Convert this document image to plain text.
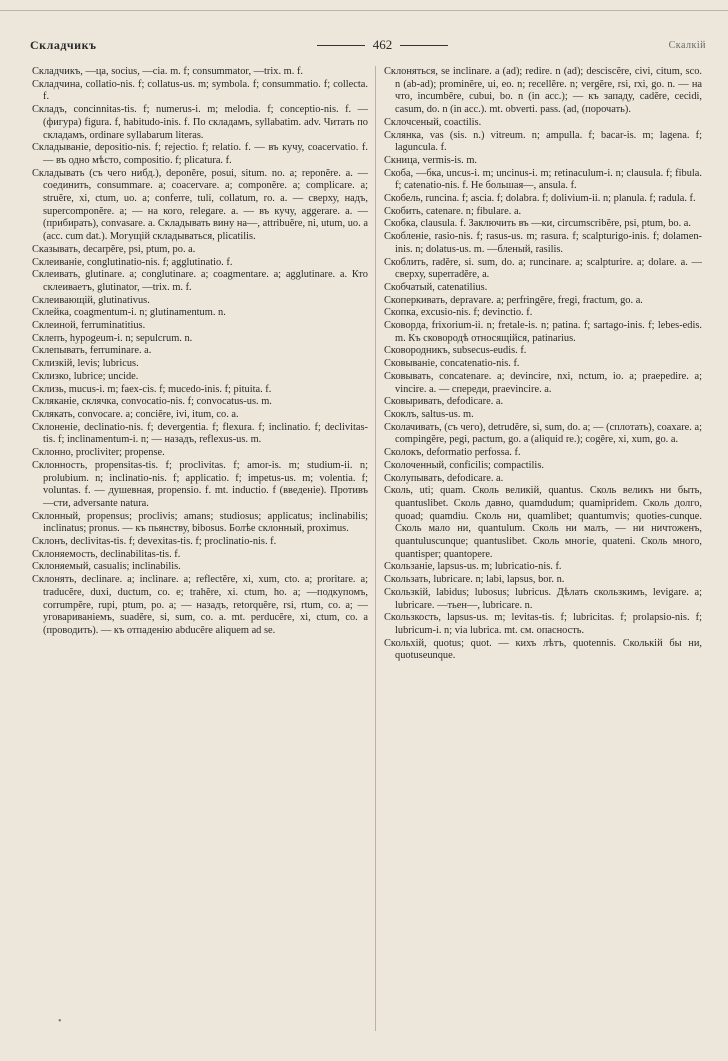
Складчикъ	462	Скалкій

Складчикъ, —ца, socius, —cia. m. f; consummator, —trix. m. f.

Складчина, collatio-nis. f; collatus-us. m; symbola. f; consummatio. f; collecta. f.

Складъ, concinnitas-tis. f; numerus-i. m; melodia. f; conceptio-nis. f. — (фигура) figura. f, habitudo-inis. f. По складамъ, syllabatim. adv. Читать по складамъ, ordinare syllabarum literas.

Складываніе, depositio-nis. f; rejectio. f; relatio. f. — въ кучу, coacervatio. f. — въ одно мѣсто, compositio. f; plicatura. f.

Складывать (съ чего нибд.), deponĕre, posui, situm. no. a; reponĕre. a. — соединить, consummare. a; coacervare. a; componĕre. a; complicare. a; struĕre, xi, ctum, uo. a; conferre, tuli, collatum, ro. a. — сверху, надъ, superсomponĕre. a; — на кого, relegare. a. — въ кучу, aggerare. a. — (прибирать), convasare. a. Складывать вину на—, attribuĕre, ni, utum, uo. a (acc. cum dat.). Могущій складываться, plicatilis.

Сказывать, decarpĕre, psi, ptum, po. a.

Склеиваніе, conglutinatio-nis. f; agglutinatio. f.

Склеивать, glutinare. a; conglutinare. a; coagmentare. a; agglutinare. a. Кто склеиваетъ, glutinator, —trix. m. f.

Склеивающій, glutinativus.

Склейка, coagmentum-i. n; glutinamentum. n.

Склеиной, ferruminatitius.

Склепъ, hypogeum-i. n; sepulcrum. n.

Склепывать, ferruminare. a.

Склизкій, levis; lubricus.

Склизко, lubrice; uncide.

Склизь, mucus-i. m; faex-cis. f; mucedo-inis. f; pituita. f.

Скляканіе, склячка, convocatio-nis. f; convocatus-us. m.

Склякать, convocare. a; conciĕre, ivi, itum, co. a.

Склоненіе, declinatio-nis. f; devergentia. f; flexura. f; inclinatio. f; declivitas-tis. f; inclinamentum-i. n; — назадъ, reflexus-us. m.

Склонно, procliviter; propense.

Склонность, propensitas-tis. f; proclivitas. f; amor-is. m; studium-ii. n; prolubium. n; inclinatio-nis. f; applicatio. f; impetus-us. m; volentia. f; voluntas. f. — душевная, propensio. f. mt. inductio. f (введеніе). Противъ —сти, adversante natura.

Склонный, propensus; proclivis; amans; studiosus; applicatus; inclinabilis; inclinatus; pronus. — къ пьянству, bibosus. Болѣе склонный, proximus.

Склонъ, declivitas-tis. f; devexitas-tis. f; proclinatio-nis. f.

Склоняемость, declinabilitas-tis. f.

Склоняемый, casualis; inclinabilis.

Склонять, declinare. a; inclinare. a; reflectĕre, xi, xum, cto. a; proritare. a; traducĕre, duxi, ductum, co. e; trahĕre, xi. ctum, ho. a; —подкупомъ, corrumpĕre, rupi, ptum, po. a; — назадъ, retorquĕre, rsi, rtum, co. a; —уговариваніемъ, suadĕre, si, sum, co. a. mt. perducĕre, xi, ctum, co. a (проводить). — къ отпаденію abducĕre aliquem ad se.

Склоняться, se inclinare. a (ad); redire. n (ad); desciscĕre, civi, citum, sco. n (ab-ad); prominĕre, ui, eo. n; recellĕre. n; vergĕre, rsi, rxi, go. n. — на что, incumbĕre, cubui, bo. n (in acc.); — къ западу, cadĕre, cecidi, casum, do. n (in acc.). mt. obverti. pass. (ad, (порочать).

Склочсеный, coactilis.

Склянка, vas (sis. n.) vitreum. n; ampulla. f; bacar-is. m; lagena. f; lagunсula. f.

Скница, vermis-is. m.

Скоба, —бка, uncus-i. m; uncinus-i. m; retinaculum-i. n; clausula. f; fibula. f; catenatio-nis. f. Не большая—, ansula. f.

Скобель, runcina. f; ascia. f; dolabra. f; dolivium-ii. n; planula. f; radula. f.

Скобить, catenare. n; fibulare. a.

Скобка, clausula. f. Заключить въ —ки, circumscribĕre, psi, ptum, bo. a.

Скобленіе, rasio-nis. f; rasus-us. m; rasura. f; scalpturigo-inis. f; dolamen-inis. n; dolatus-us. m. —бленый, rasilis.

Скоблить, radĕre, si. sum, do. a; runcinare. a; scalpturire. a; dolare. a. — сверху, superradĕre, a.

Скобчатый, catenatilius.

Скоперкивать, depravare. a; perfringĕre, fregi, fractum, go. a.

Скопка, excusio-nis. f; devinctio. f.

Сковорда, frixorium-ii. n; fretale-is. n; patina. f; sartago-inis. f; lebes-edis. m. Къ сковородѣ относящійся, patinarius.

Сковородникъ, subsecus-eudis. f.

Сковываніе, concatenatio-nis. f.

Сковывать, concatenare. a; devincire, nxi, nctum, io. a; praepedire. a; vincire. a. — спереди, praevincire. a.

Сковыривать, defodicare. a.

Скоклъ, saltus-us. m.

Сколачивать, (съ чего), detrudĕre, si, sum, do. a; — (сплотать), coaxare. a; compingĕre, pegi, pactum, go. a (aliquid re.); cogĕre, xi, xum, go. a.

Сколокъ, deformatio perfossa. f.

Сколоченный, conficilis; compactilis.

Сколупывать, defodicare. a.

Сколь, uti; quam. Сколь великій, quantus. Сколь великъ ни быть, quantuslibet. Сколь давно, quamdudum; quamipridem. Сколь долго, quoad; quamdiu. Сколь ни, quamlibet; quantumvis; quoties-cunque. Сколь мало ни, quantulum. Сколь ни малъ, — ни ничтоженъ, quantuluscunque; quantuslibet. Сколь многіе, quateni. Сколь много, quantisper; quantopere.

Скользаніе, lapsus-us. m; lubricatio-nis. f.

Скользать, lubricare. n; labi, lapsus, bor. n.

Скользкій, labidus; lubosus; lubricus. Дѣлать скользкимъ, levigare. a; lubricare. —тьен—, lubricare. n.

Скользкость, lapsus-us. m; levitas-tis. f; lubricitas. f; prolapsio-nis. f; lubricum-i. n; via lubrica. mt. см. опасность.

Скольхій, quotus; quot. — кихъ лѣтъ, quotennis. Сколькій бы ни, quotuseunque.

•
